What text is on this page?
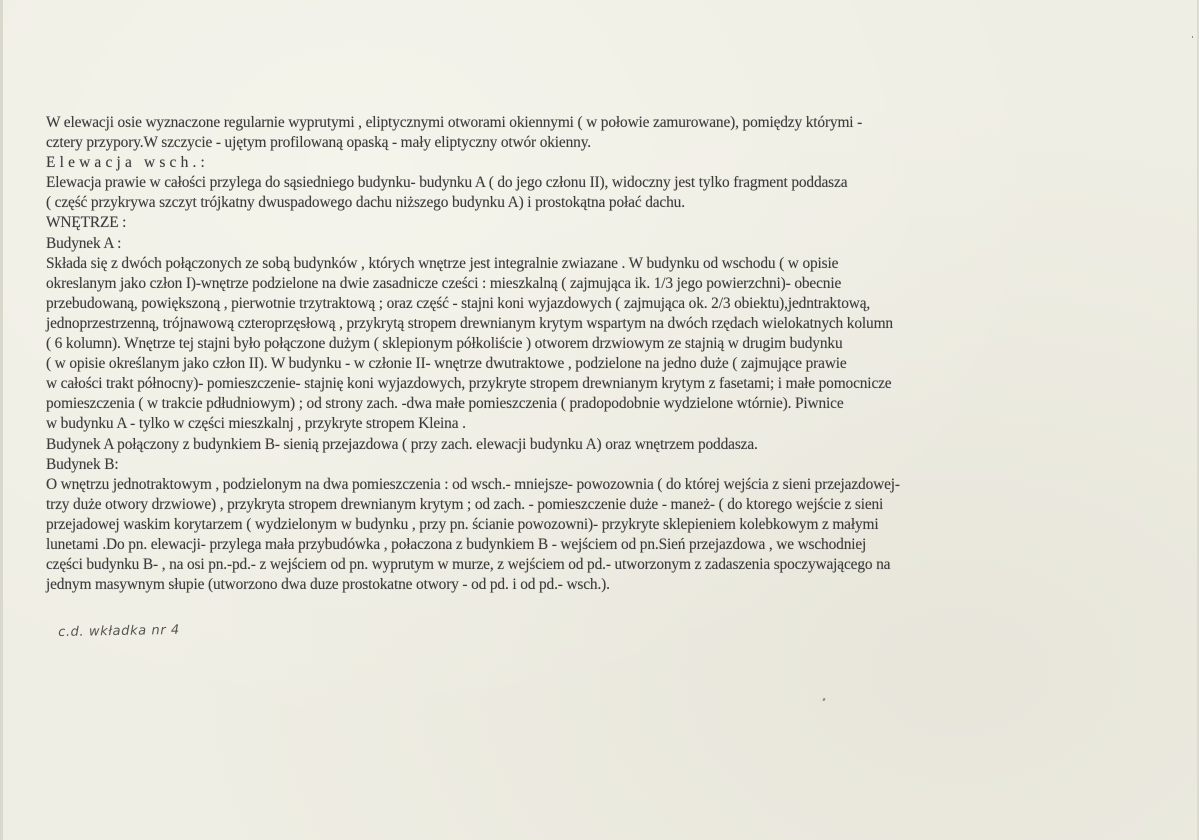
W elewacji osie wyznaczone regularnie wyprutymi , eliptycznymi otworami okiennymi ( w połowie zamurowane), pomiędzy którymi -
cztery przypory.W szczycie - ujętym profilowaną opaską - mały eliptyczny otwór okienny.
Elewacja wsch.:
Elewacja prawie w całości przylega do sąsiedniego budynku- budynku A ( do jego członu II), widoczny jest tylko fragment poddasza
( część przykrywa szczyt trójkatny dwuspadowego dachu niższego budynku A) i prostokątna połać dachu.
WNĘTRZE :
Budynek A :
Składa się z dwóch połączonych ze sobą budynków , których wnętrze jest integralnie zwiazane . W budynku od wschodu ( w opisie
okreslanym jako człon I)-wnętrze podzielone na dwie zasadnicze cześci : mieszkalną ( zajmująca ik. 1/3 jego powierzchni)- obecnie
przebudowaną, powiększoną , pierwotnie trzytraktową ; oraz część - stajni koni wyjazdowych ( zajmująca ok. 2/3 obiektu),jedntraktową,
jednoprzestrzenną, trójnawową czteroprzęsłową , przykrytą stropem drewnianym krytym wspartym na dwóch rzędach wielokatnych kolumn
( 6 kolumn). Wnętrze tej stajni było połączone dużym ( sklepionym półkoliście ) otworem drzwiowym ze stajnią w drugim budynku
( w opisie określanym jako człon II). W budynku - w członie II- wnętrze dwutraktowe , podzielone na jedno duże ( zajmujące prawie
w całości trakt północny)- pomieszczenie- stajnię koni wyjazdowych, przykryte stropem drewnianym krytym z fasetami; i małe pomocnicze
pomieszczenia ( w trakcie pdłudniowym) ; od strony zach. -dwa małe pomieszczenia ( pradopodobnie wydzielone wtórnie). Piwnice
w budynku A - tylko w części mieszkalnj , przykryte stropem Kleina .
Budynek A połączony z budynkiem B- sienią przejazdowa ( przy zach. elewacji budynku A) oraz wnętrzem poddasza.
Budynek B:
O wnętrzu jednotraktowym , podzielonym na dwa pomieszczenia : od wsch.- mniejsze- powozownia ( do której wejścia z sieni przejazdowej-
trzy duże otwory drzwiowe) , przykryta stropem drewnianym krytym ; od zach. - pomieszczenie duże - maneż- ( do ktorego wejście z sieni
przejadowej waskim korytarzem ( wydzielonym w budynku , przy pn. ścianie powozowni)- przykryte sklepieniem kolebkowym z małymi
lunetami .Do pn. elewacji- przylega mała przybudówka , połaczona z budynkiem B - wejściem od pn.Sień przejazdowa , we wschodniej
części budynku B- , na osi pn.-pd.- z wejściem od pn. wyprutym w murze, z wejściem od pd.- utworzonym z zadaszenia spoczywającego na
jednym masywnym słupie (utworzono dwa duze prostokatne otwory - od pd. i od pd.- wsch.).
c.d. wkładka nr 4
